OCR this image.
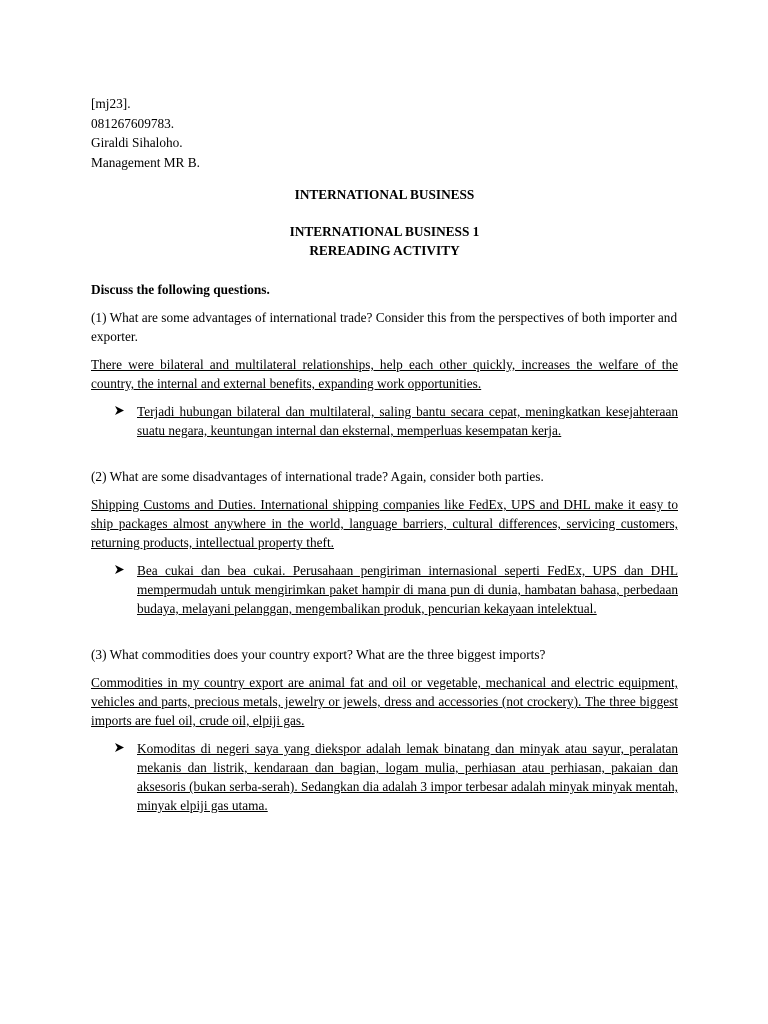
[mj23].
081267609783.
Giraldi Sihaloho.
Management MR B.

INTERNATIONAL BUSINESS

INTERNATIONAL BUSINESS 1

REREADING ACTIVITY

Discuss the following questions.

(1) What are some advantages of international trade? Consider this from the perspectives of both importer and exporter.

There were bilateral and multilateral relationships, help each other quickly, increases the welfare of the country, the internal and external benefits, expanding work opportunities.

Terjadi hubungan bilateral dan multilateral, saling bantu secara cepat, meningkatkan kesejahteraan suatu negara, keuntungan internal dan eksternal, memperluas kesempatan kerja.

(2) What are some disadvantages of international trade? Again, consider both parties.

Shipping Customs and Duties. International shipping companies like FedEx, UPS and DHL make it easy to ship packages almost anywhere in the world, language barriers, cultural differences, servicing customers, returning products, intellectual property theft.

Bea cukai dan bea cukai. Perusahaan pengiriman internasional seperti FedEx, UPS dan DHL mempermudah untuk mengirimkan paket hampir di mana pun di dunia, hambatan bahasa, perbedaan budaya, melayani pelanggan, mengembalikan produk, pencurian kekayaan intelektual.

(3) What commodities does your country export? What are the three biggest imports?

Commodities in my country export are animal fat and oil or vegetable, mechanical and electric equipment, vehicles and parts, precious metals, jewelry or jewels, dress and accessories (not crockery). The three biggest imports are fuel oil, crude oil, elpiji gas.

Komoditas di negeri saya yang diekspor adalah lemak binatang dan minyak atau sayur, peralatan mekanis dan listrik, kendaraan dan bagian, logam mulia, perhiasan atau perhiasan, pakaian dan aksesoris (bukan serba-serah). Sedangkan dia adalah 3 impor terbesar adalah minyak minyak mentah, minyak elpiji gas utama.
